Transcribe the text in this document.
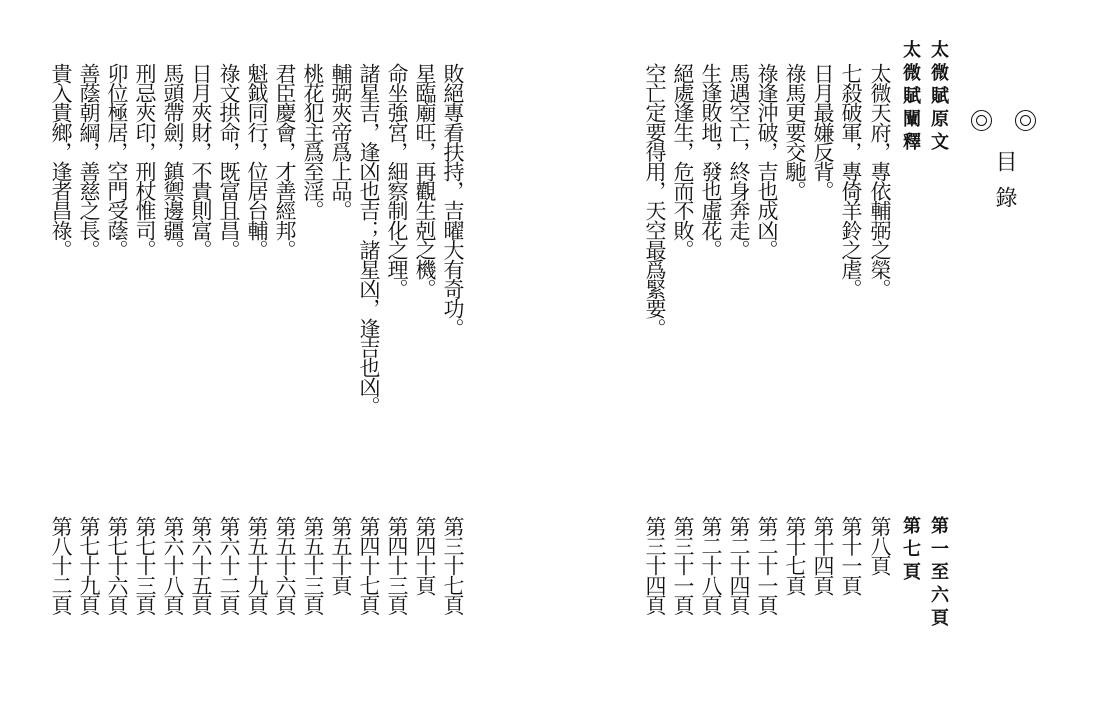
目錄
太微賦原文
太微賦闡釋
第一至六頁
第七頁
太微天府，專依輔弼之榮。
七殺破軍，專倚羊鈴之虐。
日月最嫌反背。
祿馬更要交馳。
祿逢沖破，吉也成凶。
馬遇空亡，終身奔走。
生逢敗地，發也虛花。
絕處逢生，危而不敗。
空亡定要得用，天空最爲緊要。
敗絕專看扶持，吉曜大有奇功。
星臨廟旺，再觀生剋之機。
命坐強宮，細察制化之理。
諸星吉，逢凶也吉；諸星凶，逢吉也凶。
輔弼夾帝爲上品。
桃花犯主爲至淫。
君臣慶會，才善經邦。
魁鉞同行，位居台輔。
祿文拱命，既富且昌。
日月夾財，不貴則富。
馬頭帶劍，鎮禦邊疆。
刑忌夾印，刑杖惟司。
卯位極居，空門受蔭。
善蔭朝綱，善慈之長。
貴入貴鄉，逢者昌祿。
第八頁
第十一頁
第十四頁
第十七頁
第二十一頁
第二十四頁
第二十八頁
第三十一頁
第三十四頁
第三十七頁
第四十頁
第四十三頁
第四十七頁
第五十頁
第五十三頁
第五十六頁
第五十九頁
第六十二頁
第六十五頁
第六十八頁
第七十三頁
第七十六頁
第七十九頁
第八十二頁
